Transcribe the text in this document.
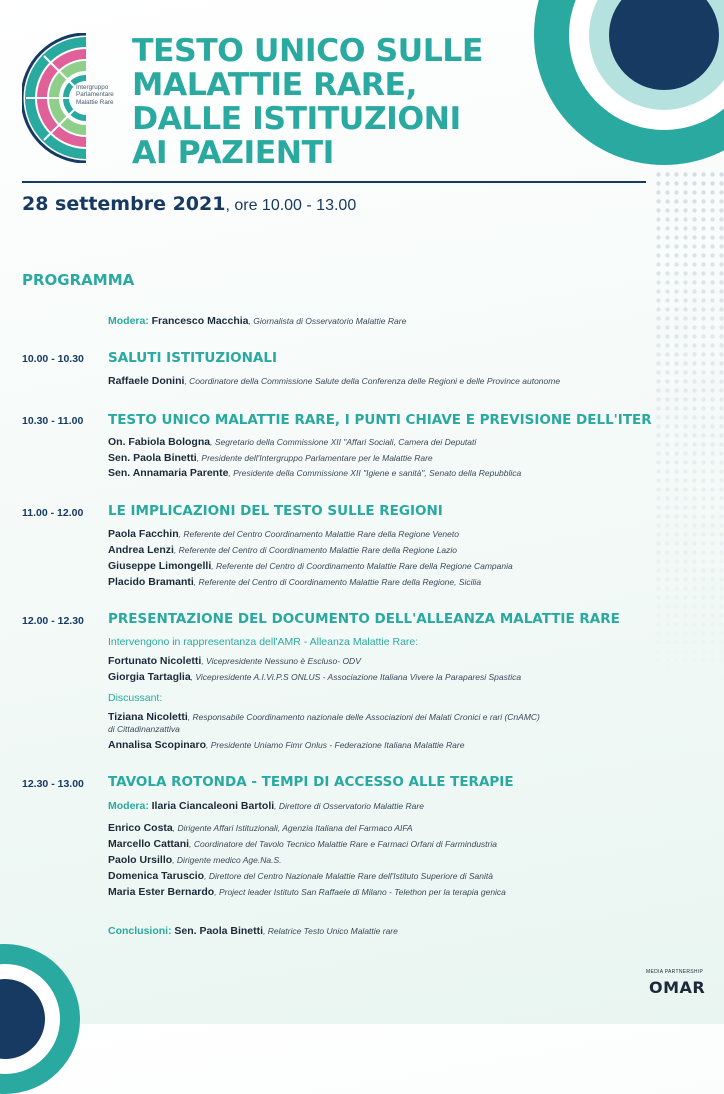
Intergruppo
Parlamentare
Malattie Rare
TESTO UNICO SULLE
MALATTIE RARE,
DALLE ISTITUZIONI
AI PAZIENTI
28 settembre 2021, ore 10.00 - 13.00
PROGRAMMA
Modera: Francesco Macchia, Giornalista di Osservatorio Malattie Rare
10.00 - 10.30 SALUTI ISTITUZIONALI
Raffaele Donini, Coordinatore della Commissione Salute della Conferenza delle Regioni e delle Province autonome
10.30 - 11.00 TESTO UNICO MALATTIE RARE, I PUNTI CHIAVE E PREVISIONE DELL'ITER
On. Fabiola Bologna, Segretario della Commissione XII "Affari Sociali, Camera dei Deputati
Sen. Paola Binetti, Presidente dell'Intergruppo Parlamentare per le Malattie Rare
Sen. Annamaria Parente, Presidente della Commissione XII "Igiene e sanità", Senato della Repubblica
11.00 - 12.00 LE IMPLICAZIONI DEL TESTO SULLE REGIONI
Paola Facchin, Referente del Centro Coordinamento Malattie Rare della Regione Veneto
Andrea Lenzi, Referente del Centro di Coordinamento Malattie Rare della Regione Lazio
Giuseppe Limongelli, Referente del Centro di Coordinamento Malattie Rare della Regione Campania
Placido Bramanti, Referente del Centro di Coordinamento Malattie Rare della Regione, Sicilia
12.00 - 12.30 PRESENTAZIONE DEL DOCUMENTO DELL'ALLEANZA MALATTIE RARE
Intervengono in rappresentanza dell'AMR - Alleanza Malattie Rare:
Fortunato Nicoletti, Vicepresidente Nessuno è Escluso- ODV
Giorgia Tartaglia, Vicepresidente A.I.Vi.P.S ONLUS - Associazione Italiana Vivere la Paraparesi Spastica
Discussant:
Tiziana Nicoletti, Responsabile Coordinamento nazionale delle Associazioni dei Malati Cronici e rari (CnAMC)
di Cittadinanzattiva
Annalisa Scopinaro, Presidente Uniamo Fimr Onlus - Federazione Italiana Malattie Rare
12.30 - 13.00 TAVOLA ROTONDA - TEMPI DI ACCESSO ALLE TERAPIE
Modera: Ilaria Ciancaleoni Bartoli, Direttore di Osservatorio Malattie Rare
Enrico Costa, Dirigente Affari Istituzionali, Agenzia Italiana del Farmaco AIFA
Marcello Cattani, Coordinatore del Tavolo Tecnico Malattie Rare e Farmaci Orfani di Farmindustria
Paolo Ursillo, Dirigente medico Age.Na.S.
Domenica Taruscio, Direttore del Centro Nazionale Malattie Rare dell'Istituto Superiore di Sanità
Maria Ester Bernardo, Project leader Istituto San Raffaele di Milano - Telethon per la terapia genica
Conclusioni: Sen. Paola Binetti, Relatrice Testo Unico Malattie rare
MEDIA PARTNERSHIP
OMAR
